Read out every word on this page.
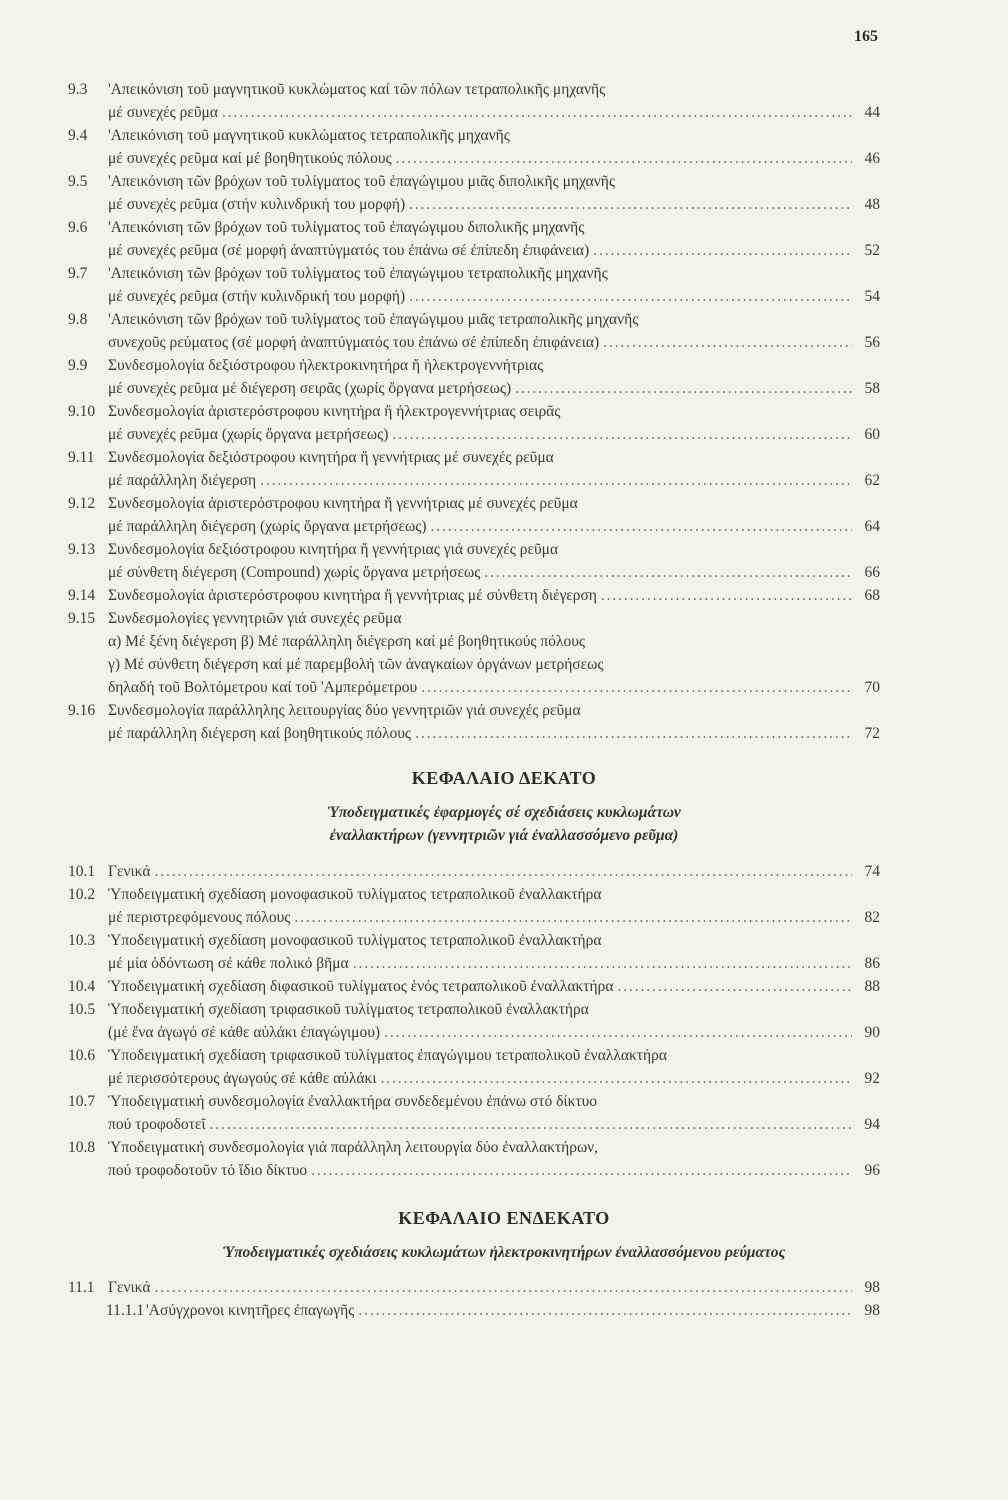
165
9.3	'Απεικόνιση τοῦ μαγνητικοῦ κυκλώματος καί τῶν πόλων τετραπολικῆς μηχανῆς
μέ συνεχές ρεῦμα . . .	44
9.4	'Απεικόνιση τοῦ μαγνητικοῦ κυκλώματος τετραπολικῆς μηχανῆς
μέ συνεχές ρεῦμα καί μέ βοηθητικούς πόλους . . .	46
9.5	'Απεικόνιση τῶν βρόχων τοῦ τυλίγματος τοῦ ἐπαγώγιμου μιᾶς διπολικῆς μηχανῆς
μέ συνεχές ρεῦμα (στήν κυλινδρική του μορφή) . . .	48
9.6	'Απεικόνιση τῶν βρόχων τοῦ τυλίγματος τοῦ ἐπαγώγιμου διπολικῆς μηχανῆς
μέ συνεχές ρεῦμα (σέ μορφή ἀναπτύγματός του ἐπάνω σέ ἐπίπεδη ἐπιφάνεια) . . .	52
9.7	'Απεικόνιση τῶν βρόχων τοῦ τυλίγματος τοῦ ἐπαγώγιμου τετραπολικῆς μηχανῆς
μέ συνεχές ρεῦμα (στήν κυλινδρική του μορφή) . . .	54
9.8	'Απεικόνιση τῶν βρόχων τοῦ τυλίγματος τοῦ ἐπαγώγιμου μιᾶς τετραπολικῆς μηχανῆς
συνεχοῦς ρεύματος (σέ μορφή ἀναπτύγματός του ἐπάνω σέ ἐπίπεδη ἐπιφάνεια) . . .	56
9.9	Συνδεσμολογία δεξιόστροφου ἠλεκτροκινητήρα ἤ ἠλεκτρογεννήτριας
μέ συνεχές ρεῦμα μέ διέγερση σειρᾶς (χωρίς ὄργανα μετρήσεως) . . .	58
9.10 Συνδεσμολογία ἀριστερόστροφου κινητήρα ἤ ἠλεκτρογεννήτριας σειρᾶς
μέ συνεχές ρεῦμα (χωρίς ὄργανα μετρήσεως) . . .	60
9.11 Συνδεσμολογία δεξιόστροφου κινητήρα ἤ γεννήτριας μέ συνεχές ρεῦμα
μέ παράλληλη διέγερση . . .	62
9.12 Συνδεσμολογία ἀριστερόστροφου κινητήρα ἤ γεννήτριας μέ συνεχές ρεῦμα
μέ παράλληλη διέγερση (χωρίς ὄργανα μετρήσεως) . . .	64
9.13 Συνδεσμολογία δεξιόστροφου κινητήρα ἤ γεννήτριας γιά συνεχές ρεῦμα
μέ σύνθετη διέγερση (Compound) χωρίς ὄργανα μετρήσεως . . .	66
9.14 Συνδεσμολογία ἀριστερόστροφου κινητήρα ἤ γεννήτριας μέ σύνθετη διέγερση . . .	68
9.15 Συνδεσμολογίες γεννητριῶν γιά συνεχές ρεῦμα
α) Μέ ξένη διέγερση β) Μέ παράλληλη διέγερση καί μέ βοηθητικούς πόλους
γ) Μέ σύνθετη διέγερση καί μέ παρεμβολή τῶν ἀναγκαίων ὀργάνων μετρήσεως
δηλαδή τοῦ Βολτόμετρου καί τοῦ 'Αμπερόμετρου . . .	70
9.16 Συνδεσμολογία παράλληλης λειτουργίας δύο γεννητριῶν γιά συνεχές ρεῦμα
μέ παράλληλη διέγερση καί βοηθητικούς πόλους . . .	72
ΚΕΦΑΛΑΙΟ ΔΕΚΑΤΟ
Ὑποδειγματικές ἐφαρμογές σέ σχεδιάσεις κυκλωμάτων
ἐναλλακτήρων (γεννητριῶν γιά ἐναλλασσόμενο ρεῦμα)
10.1 Γενικά . . .	74
10.2 Ὑποδειγματική σχεδίαση μονοφασικοῦ τυλίγματος τετραπολικοῦ ἐναλλακτήρα
μέ περιστρεφόμενους πόλους . . .	82
10.3 Ὑποδειγματική σχεδίαση μονοφασικοῦ τυλίγματος τετραπολικοῦ ἐναλλακτήρα
μέ μία ὀδόντωση σέ κάθε πολικό βῆμα . . .	86
10.4 Ὑποδειγματική σχεδίαση διφασικοῦ τυλίγματος ἑνός τετραπολικοῦ ἐναλλακτήρα . . .	88
10.5 Ὑποδειγματική σχεδίαση τριφασικοῦ τυλίγματος τετραπολικοῦ ἐναλλακτήρα
(μέ ἕνα ἀγωγό σέ κάθε αὐλάκι ἐπαγώγιμου) . . .	90
10.6 Ὑποδειγματική σχεδίαση τριφασικοῦ τυλίγματος ἐπαγώγιμου τετραπολικοῦ ἐναλλακτήρα
μέ περισσότερους ἀγωγούς σέ κάθε αὐλάκι . . .	92
10.7 Ὑποδειγματική συνδεσμολογία ἐναλλακτήρα συνδεδεμένου ἐπάνω στό δίκτυο
πού τροφοδοτεῖ . . .	94
10.8 Ὑποδειγματική συνδεσμολογία γιά παράλληλη λειτουργία δύο ἐναλλακτήρων,
πού τροφοδοτοῦν τό ἴδιο δίκτυο . . .	96
ΚΕΦΑΛΑΙΟ ΕΝΔΕΚΑΤΟ
Ὑποδειγματικές σχεδιάσεις κυκλωμάτων ἠλεκτροκινητήρων ἐναλλασσόμενου ρεύματος
11.1 Γενικά . . .	98
11.1.1 'Ασύγχρονοι κινητῆρες ἐπαγωγῆς . . .	98
